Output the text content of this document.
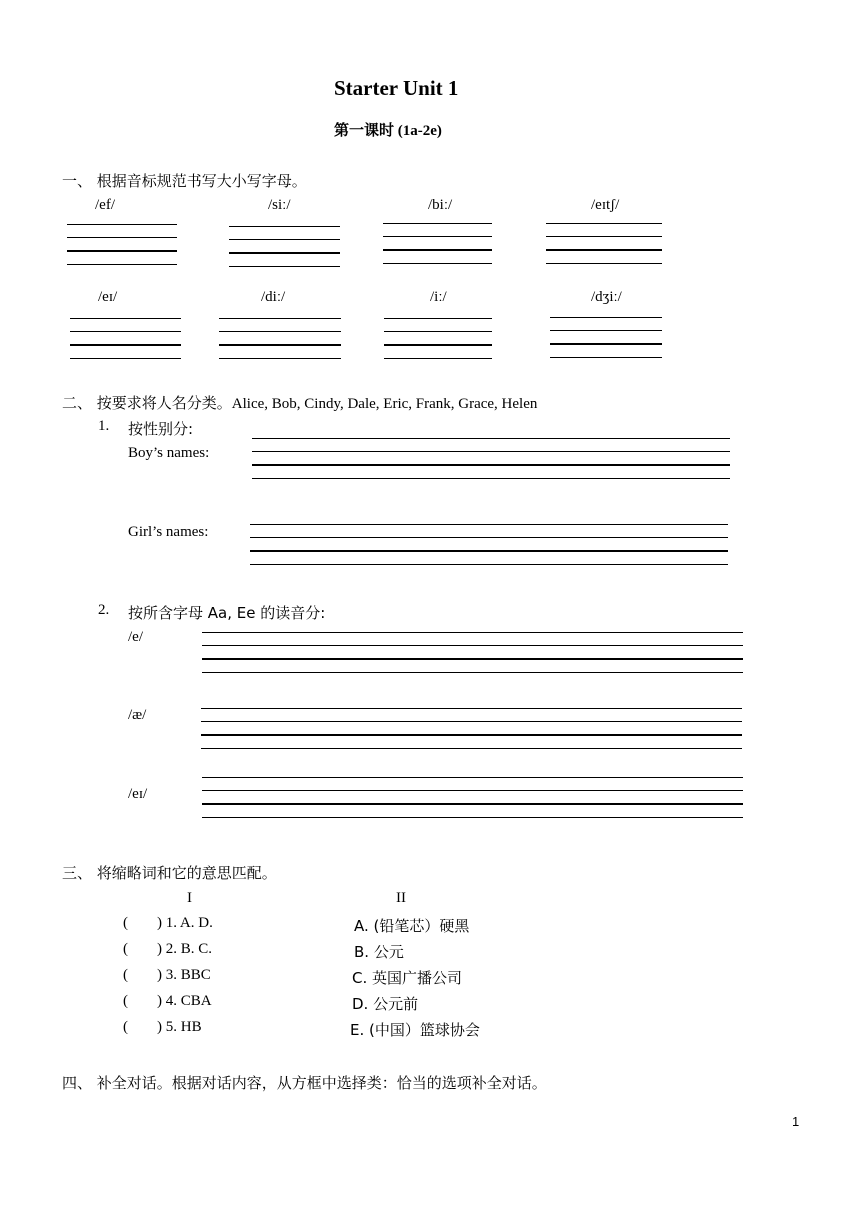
Starter Unit 1
第一课时 (1a-2e)
一、 根据音标规范书写大小写字母。
/ef/	/siː/	/biː/	/eɪtʃ/
/eɪ/	/diː/	/iː/	/dʒiː/
二、 按要求将人名分类。Alice, Bob, Cindy, Dale, Eric, Frank, Grace, Helen
1. 按性别分:
Boy’s names:
Girl’s names:
2. 按所含字母 Aa, Ee 的读音分:
/e/
/æ/
/eɪ/
三、 将缩略词和它的意思匹配。
I	II
( ) 1. A. D.	A. (铅笔芯）硬黑
( ) 2. B. C.	B. 公元
( ) 3. BBC	C. 英国广播公司
( ) 4. CBA	D. 公元前
( ) 5. HB	E. (中国）篮球协会
四、 补全对话。根据对话内容，从方框中选择类：恰当的选项补全对话。
1
